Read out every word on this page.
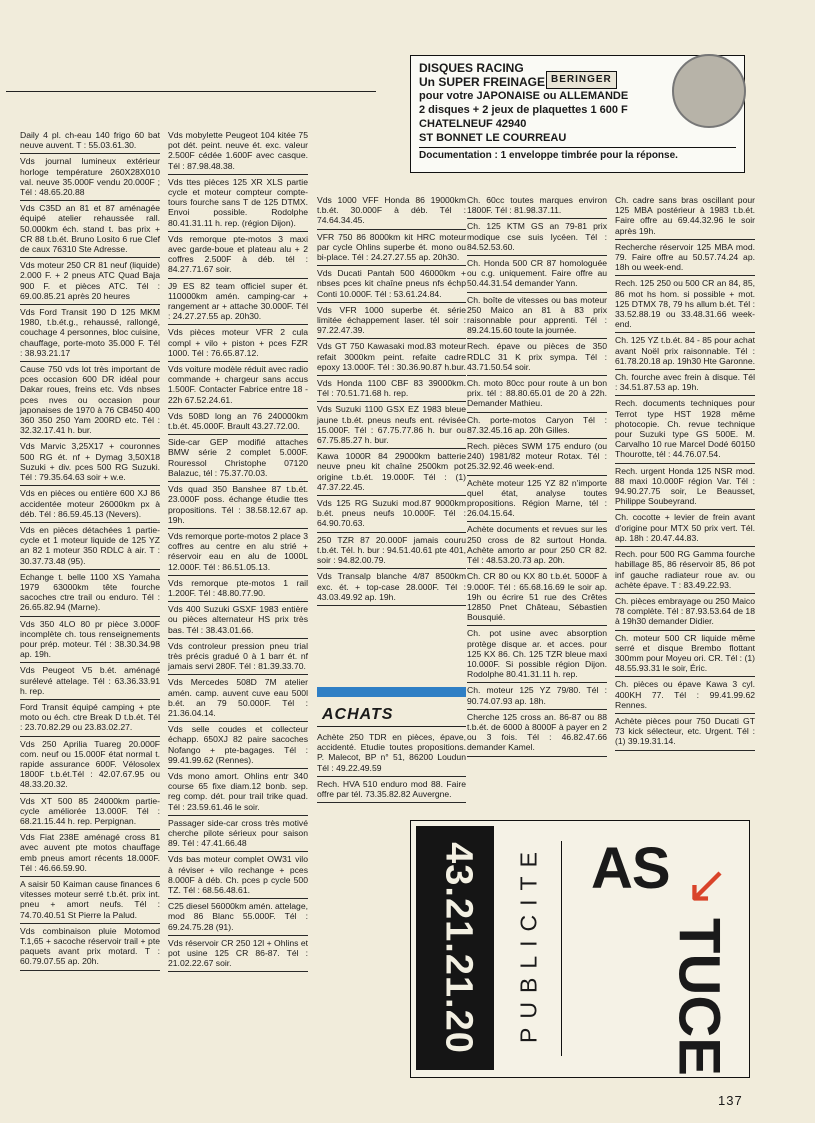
DISQUES RACING
Un SUPER FREINAGE BERINGER
pour votre JAPONAISE ou ALLEMANDE
2 disques + 2 jeux de plaquettes 1 600 F
CHATELNEUF 42940
ST BONNET LE COURREAU
Documentation : 1 enveloppe timbrée pour la réponse.

Daily 4 pl. ch-eau 140 frigo 60 bat neuve auvent. T : 55.03.61.30.

Vds journal lumineux extérieur horloge température 260X28X010 val. neuve 35.000F vendu 20.000F ; Tél : 48.65.20.88

Vds C35D an 81 et 87 aménagée équipé atelier rehaussée rall. 50.000km éch. stand t. bas prix + CR 88 t.b.ét. Bruno Losito 6 rue Clef de caux 76310 Ste Adresse.

Vds moteur 250 CR 81 neuf (liquide) 2.000 F. + 2 pneus ATC Quad Baja 900 F. et pièces ATC. Tél : 69.00.85.21 après 20 heures

Vds Ford Transit 190 D 125 MKM 1980, t.b.ét.g., rehaussé, rallongé, couchage 4 personnes, bloc cuisine, chauffage, porte-moto 35.000 F. Tél : 38.93.21.17

Cause 750 vds lot très important de pces occasion 600 DR idéal pour Dakar roues, freins etc. Vds nbses pces nves ou occasion pour japonaises de 1970 à 76 CB450 400 360 350 250 Yam 200RD etc. Tél : 32.32.17.41 h. bur.

Vds Marvic 3,25X17 + couronnes 500 RG ét. nf + Dymag 3,50X18 Suzuki + div. pces 500 RG Suzuki. Tél : 79.35.64.63 soir + w.e.

Vds en pièces ou entière 600 XJ 86 accidentée moteur 26000km px à déb. Tél : 86.59.45.13 (Nevers).

Vds en pièces détachées 1 partie-cycle et 1 moteur liquide de 125 YZ an 82 1 moteur 350 RDLC à air. T : 30.37.73.48 (95).

Echange t. belle 1100 XS Yamaha 1979 63000km tête fourche sacoches ctre trail ou enduro. Tél : 26.65.82.94 (Marne).

Vds 350 4LO 80 pr pièce 3.000F incomplète ch. tous renseignements pour prép. moteur. Tél : 38.30.34.98 ap. 19h.

Vds Peugeot V5 b.ét. aménagé surélevé attelage. Tél : 63.36.33.91 h. rep.

Ford Transit équipé camping + pte moto ou éch. ctre Break D t.b.ét. Tél : 23.70.82.29 ou 23.83.02.27.

Vds 250 Aprilia Tuareg 20.000F com. neuf ou 15.000F état normal t. rapide assurance 600F. Vélosolex 1800F t.b.ét.Tél : 42.07.67.95 ou 48.33.20.32.

Vds XT 500 85 24000km partie-cycle améliorée 13.000F. Tél : 68.21.15.44 h. rep. Perpignan.

Vds Fiat 238E aménagé cross 81 avec auvent pte motos chauffage emb pneus amort récents 18.000F. Tél : 46.66.59.90.

A saisir 50 Kaiman cause finances 6 vitesses moteur serré t.b.ét. prix int. pneu + amort neufs. Tél : 74.70.40.51 St Pierre la Palud.

Vds combinaison pluie Motomod T.1,65 + sacoche réservoir trail + pte paquets avant prix motard. T : 60.79.07.55 ap. 20h.

Vds mobylette Peugeot 104 kitée 75 pot dét. peint. neuve ét. exc. valeur 2.500F cédée 1.600F avec casque. Tél : 87.98.48.38.

Vds ttes pièces 125 XR XLS partie cycle et moteur compteur compte-tours fourche sans T de 125 DTMX. Envoi possible. Rodolphe 80.41.31.11 h. rep. (région Dijon).

Vds remorque pte-motos 3 maxi avec garde-boue et plateau alu + 2 coffres 2.500F à déb. tél : 84.27.71.67 soir.

J9 ES 82 team officiel super ét. 110000km amén. camping-car + rangement ar + attache 30.000F. Tél : 24.27.27.55 ap. 20h30.

Vds pièces moteur VFR 2 cula compl + vilo + piston + pces FZR 1000. Tél : 76.65.87.12.

Vds voiture modèle réduit avec radio commande + chargeur sans accus 1.500F. Contacter Fabrice entre 18 - 22h 67.52.24.61.

Vds 508D long an 76 240000km t.b.ét. 45.000F. Brault 43.27.72.00.

Side-car GEP modifié attaches BMW série 2 complet 5.000F. Rouressol Christophe 07120 Balazuc, tél : 75.37.70.03.

Vds quad 350 Banshee 87 t.b.ét. 23.000F poss. échange étudie ttes propositions. Tél : 38.58.12.67 ap. 19h.

Vds remorque porte-motos 2 place 3 coffres au centre en alu strié + réservoir eau en alu de 1000L 12.000F. Tél : 86.51.05.13.

Vds remorque pte-motos 1 rail 1.200F. Tél : 48.80.77.90.

Vds 400 Suzuki GSXF 1983 entière ou pièces alternateur HS prix très bas. Tél : 38.43.01.66.

Vds controleur pression pneu trial très précis gradué 0 à 1 barr ét. nf jamais servi 280F. Tél : 81.39.33.70.

Vds Mercedes 508D 7M atelier amén. camp. auvent cuve eau 500l b.ét. an 79 50.000F. Tél : 21.36.04.14.

Vds selle coudes et collecteur échapp. 650XJ 82 paire sacoches Nofango + pte-bagages. Tél : 99.41.99.62 (Rennes).

Vds mono amort. Ohlins entr 340 course 65 fixe diam.12 bonb. sep. reg comp. dét. pour trail trike quad. Tél : 23.59.61.46 le soir.

Passager side-car cross très motivé cherche pilote sérieux pour saison 89. Tél : 47.41.66.48

Vds bas moteur complet OW31 vilo à réviser + vilo rechange + pces 8.000F à déb. Ch. pces p cycle 500 TZ. Tél : 68.56.48.61.

C25 diesel 56000km amén. attelage, mod 86 Blanc 55.000F. Tél : 69.24.75.28 (91).

Vds réservoir CR 250 12l + Ohlins et pot usine 125 CR 86-87. Tél : 21.02.22.67 soir.

Vds 1000 VFF Honda 86 19000km t.b.ét. 30.000F à déb. Tél : 74.64.34.45.

VFR 750 86 8000km kit HRC moteur par cycle Ohlins superbe ét. mono ou bi-place. Tél : 24.27.27.55 ap. 20h30.

Vds Ducati Pantah 500 46000km + nbses pces kit chaîne pneus nfs échp Conti 10.000F. Tél : 53.61.24.84.

Vds VFR 1000 superbe ét. série limitée échappement laser. tél soir : 97.22.47.39.

Vds GT 750 Kawasaki mod.83 moteur refait 3000km peint. refaite cadre epoxy 13.000F. Tél : 30.36.90.87 h.bur.

Vds Honda 1100 CBF 83 39000km. Tél : 70.51.71.68 h. rep.

Vds Suzuki 1100 GSX EZ 1983 bleue jaune t.b.ét. pneus neufs ent. révisée 15.000F. Tél : 67.75.77.86 h. bur ou 67.75.85.27 h. bur.

Kawa 1000R 84 29000km batterie neuve pneu kit chaîne 2500km pot origine t.b.ét. 19.000F. Tél : (1) 47.37.22.45.

Vds 125 RG Suzuki mod.87 9000km b.ét. pneus neufs 10.000F. Tél : 64.90.70.63.

250 TZR 87 20.000F jamais couru t.b.ét. Tél. h. bur : 94.51.40.61 pte 401, soir : 94.82.00.79.

Vds Transalp blanche 4/87 8500km exc. ét. + top-case 28.000F. Tél : 43.03.49.92 ap. 19h.

ACHATS

Achète 250 TDR en pièces, épave, accidenté. Etudie toutes propositions. P. Malecot, BP n° 51, 86200 Loudun Tél : 49.22.49.59

Rech. HVA 510 enduro mod 88. Faire offre par tél. 73.35.82.82 Auvergne.

Ch. 60cc toutes marques environ 1800F. Tél : 81.98.37.11.

Ch. 125 KTM GS an 79-81 prix modique cse suis lycéen. Tél : 84.52.53.60.

Ch. Honda 500 CR 87 homologuée ou c.g. uniquement. Faire offre au 50.44.31.54 demander Yann.

Ch. boîte de vitesses ou bas moteur 250 Maico an 81 à 83 prix raisonnable pour apprenti. Tél : 89.24.15.60 toute la journée.

Rech. épave ou pièces de 350 RDLC 31 K prix sympa. Tél : 43.71.50.54 soir.

Ch. moto 80cc pour route à un bon prix. tél : 88.80.65.01 de 20 à 22h. Demander Mathieu.

Ch. porte-motos Caryon Tél : 87.32.45.16 ap. 20h Gilles.

Rech. pièces SWM 175 enduro (ou 240) 1981/82 moteur Rotax. Tél : 25.32.92.46 week-end.

Achète moteur 125 YZ 82 n'importe quel état, analyse toutes propositions. Région Marne, tél : 26.04.15.64.

Achète documents et revues sur les 250 cross de 82 surtout Honda. Achète amorto ar pour 250 CR 82. Tél : 48.53.20.73 ap. 20h.

Ch. CR 80 ou KX 80 t.b.ét. 5000F à 9.000F. Tél : 65.68.16.69 le soir ap. 19h ou écrire 51 rue des Crêtes 12850 Pnet Château, Sébastien Bousquié.

Ch. pot usine avec absorption protège disque ar. et acces. pour 125 KX 86. Ch. 125 TZR bleue maxi 10.000F. Si possible région Dijon. Rodolphe 80.41.31.11 h. rep.

Ch. moteur 125 YZ 79/80. Tél : 90.74.07.93 ap. 18h.

Cherche 125 cross an. 86-87 ou 88 t.b.ét. de 6000 à 8000F à payer en 2 ou 3 fois. Tél : 46.82.47.66 demander Kamel.

Ch. cadre sans bras oscillant pour 125 MBA postérieur à 1983 t.b.ét. Faire offre au 69.44.32.96 le soir après 19h.

Recherche réservoir 125 MBA mod. 79. Faire offre au 50.57.74.24 ap. 18h ou week-end.

Rech. 125 250 ou 500 CR an 84, 85, 86 mot hs hom. si possible + mot. 125 DTMX 78, 79 hs allum b.ét. Tél : 33.52.88.19 ou 33.48.31.66 week-end.

Ch. 125 YZ t.b.ét. 84 - 85 pour achat avant Noël prix raisonnable. Tél : 61.78.20.18 ap. 19h30 Hte Garonne.

Ch. fourche avec frein à disque. Tél : 34.51.87.53 ap. 19h.

Rech. documents techniques pour Terrot type HST 1928 même photocopie. Ch. revue technique pour Suzuki type GS 500E. M. Carvalho 10 rue Marcel Dodé 60150 Thourotte, tél : 44.76.07.54.

Rech. urgent Honda 125 NSR mod. 88 maxi 10.000F région Var. Tél : 94.90.27.75 soir, Le Beausset, Philippe Soubeyrand.

Ch. cocotte + levier de frein avant d'origine pour MTX 50 prix vert. Tél. ap. 18h : 20.47.44.83.

Rech. pour 500 RG Gamma fourche habillage 85, 86 réservoir 85, 86 pot inf gauche radiateur roue av. ou achète épave. T : 83.49.22.93.

Ch. pièces embrayage ou 250 Maico 78 complète. Tél : 87.93.53.64 de 18 à 19h30 demander Didier.

Ch. moteur 500 CR liquide même serré et disque Brembo flottant 300mm pour Moyeu ori. CR. Tél : (1) 48.55.93.31 le soir, Éric.

Ch. pièces ou épave Kawa 3 cyl. 400KH 77. Tél : 99.41.99.62 Rennes.

Achète pièces pour 750 Ducati GT 73 kick sélecteur, etc. Urgent. Tél : (1) 39.19.31.14.

43.21.21.20 PUBLICITE AS ↙
TUCE
137
